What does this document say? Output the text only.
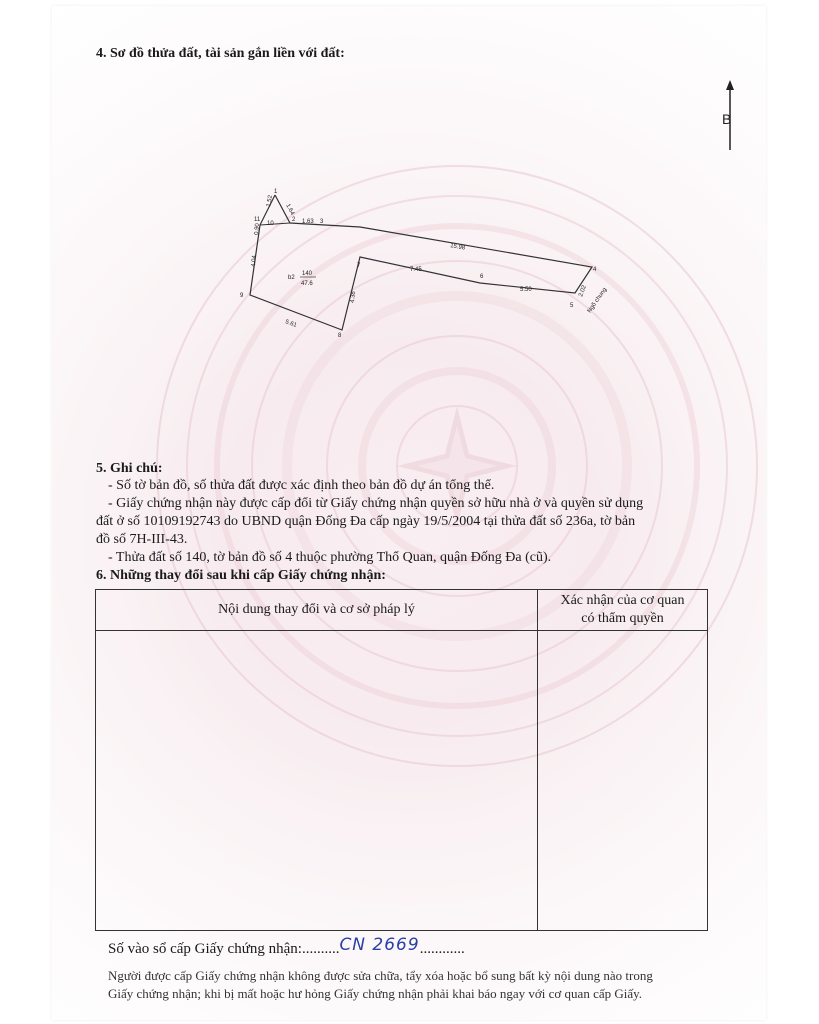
4. Sơ đồ thửa đất, tài sản gắn liền với đất:
B
1
2	3
4
5
6
7
8
9
10
11
1.52
1.64
1.63
15.98
7.45
5.50	2.02
4.38
5.61
4.04
0.90
b2
140
47.6
Ngõ chung
5. Ghi chú:
- Số tờ bản đồ, số thửa đất được xác định theo bản đồ dự án tổng thể.
- Giấy chứng nhận này được cấp đổi từ Giấy chứng nhận quyền sở hữu nhà ở và quyền sử dụng
đất ở số 10109192743 do UBND quận Đống Đa cấp ngày 19/5/2004 tại thửa đất số 236a, tờ bản
đồ số 7H-III-43.
- Thửa đất số 140, tờ bản đồ số 4 thuộc phường Thổ Quan, quận Đống Đa (cũ).
6. Những thay đổi sau khi cấp Giấy chứng nhận:
Nội dung thay đổi và cơ sở pháp lý	Xác nhận của cơ quan
có thẩm quyền

Số vào sổ cấp Giấy chứng nhận:..........CN 2669............
Người được cấp Giấy chứng nhận không được sửa chữa, tẩy xóa hoặc bổ sung bất kỳ nội dung nào trong
Giấy chứng nhận; khi bị mất hoặc hư hỏng Giấy chứng nhận phải khai báo ngay với cơ quan cấp Giấy.
